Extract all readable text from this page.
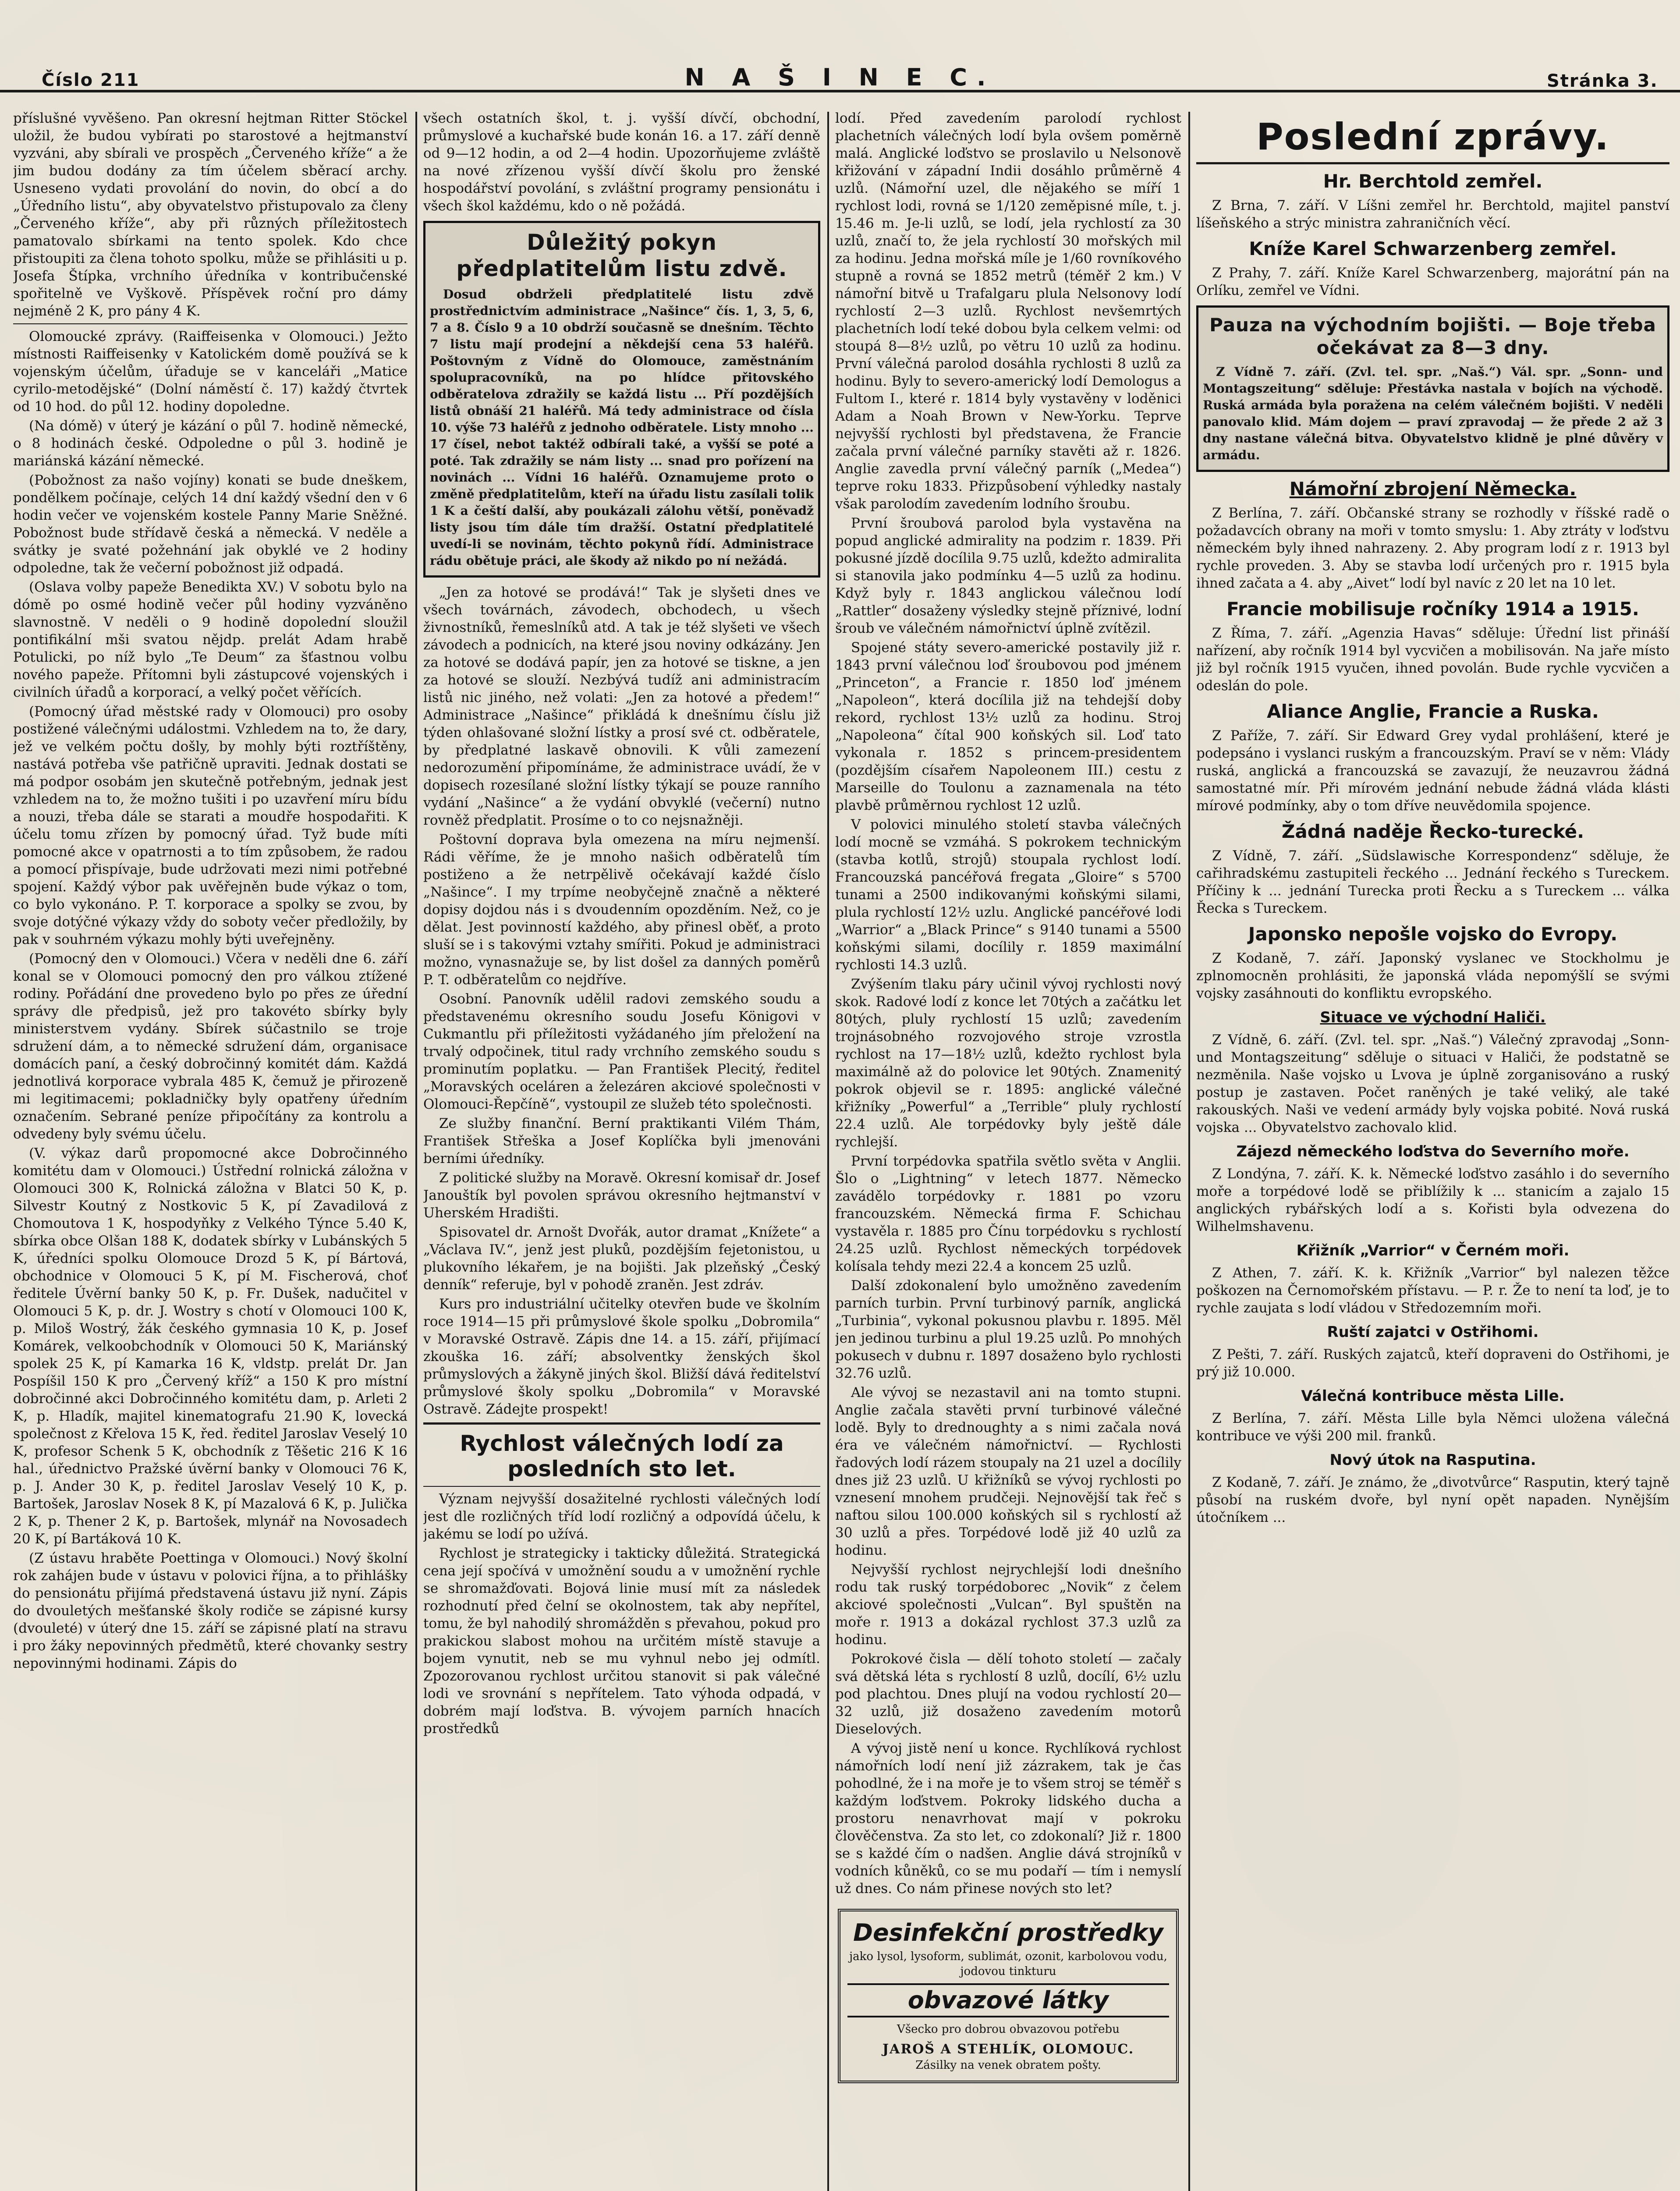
Číslo 211	N A Š I N E C.	Stránka 3.

příslušné vyvěšeno. Pan okresní hejtman Ritter Stöckel uložil, že budou vybírati po starostové a hejtmanství vyzváni, aby sbírali ve prospěch „Červeného kříže“ a že jim budou dodány za tím účelem sběrací archy. Usneseno vydati provolání do novin, do obcí a do „Úředního listu“, aby obyvatelstvo přistupovalo za členy „Červeného kříže“, aby při různých příležitostech pamatovalo sbírkami na tento spolek. Kdo chce přistoupiti za člena tohoto spolku, může se přihlásiti u p. Josefa Štípka, vrchního úředníka v kontribučenské spořitelně ve Vyškově. Příspěvek roční pro dámy nejméně 2 K, pro pány 4 K.

Olomoucké zprávy. (Raiffeisenka v Olomouci.) Ježto místnosti Raiffeisenky v Katolickém domě používá se k vojenským účelům, úřaduje se v kanceláři „Matice cyrilo-metodějské“ (Dolní náměstí č. 17) každý čtvrtek od 10 hod. do půl 12. hodiny dopoledne.

(Na dómě) v úterý je kázání o půl 7. hodině německé, o 8 hodinách české. Odpoledne o půl 3. hodině je mariánská kázání německé.

(Pobožnost za našo vojíny) konati se bude dneškem, pondělkem počínaje, celých 14 dní každý všední den v 6 hodin večer ve vojenském kostele Panny Marie Sněžné. Pobožnost bude střídavě česká a německá. V neděle a svátky je svaté požehnání jak obyklé ve 2 hodiny odpoledne, tak že večerní pobožnost již odpadá.

(Oslava volby papeže Benedikta XV.) V sobotu bylo na dómě po osmé hodině večer půl hodiny vyzváněno slavnostně. V neděli o 9 hodině dopolední sloužil pontifikální mši svatou nějdp. prelát Adam hrabě Potulicki, po níž bylo „Te Deum“ za šťastnou volbu nového papeže. Přítomni byli zástupcové vojenských i civilních úřadů a korporací, a velký počet věřících.

(Pomocný úřad městské rady v Olomouci) pro osoby postižené válečnými událostmi. Vzhledem na to, že dary, jež ve velkém počtu došly, by mohly býti roztříštěny, nastává potřeba vše patřičně upraviti. Jednak dostati se má podpor osobám jen skutečně potřebným, jednak jest vzhledem na to, že možno tušiti i po uzavření míru bídu a nouzi, třeba dále se starati a moudře hospodařiti. K účelu tomu zřízen by pomocný úřad. Tyž bude míti pomocné akce v opatrnosti a to tím způsobem, že radou a pomocí přispívaje, bude udržovati mezi nimi potřebné spojení. Každý výbor pak uvěřejněn bude výkaz o tom, co bylo vykonáno. P. T. korporace a spolky se zvou, by svoje dotýčné výkazy vždy do soboty večer předložily, by pak v souhrném výkazu mohly býti uveřejněny.

(Pomocný den v Olomouci.) Včera v neděli dne 6. září konal se v Olomouci pomocný den pro válkou ztížené rodiny. Pořádání dne provedeno bylo po přes ze úřední správy dle předpisů, jež pro takovéto sbírky byly ministerstvem vydány. Sbírek súčastnilo se troje sdružení dám, a to německé sdružení dám, organisace domácích paní, a český dobročinný komitét dám. Každá jednotlivá korporace vybrala 485 K, čemuž je přirozeně mi legitimacemi; pokladničky byly opatřeny úředním označením. Sebrané peníze připočítány za kontrolu a odvedeny byly svému účelu.

(V. výkaz darů propomocné akce Dobročinného komitétu dam v Olomouci.) Ústřední rolnická záložna v Olomouci 300 K, Rolnická záložna v Blatci 50 K, p. Silvestr Koutný z Nostkovic 5 K, pí Zavadilová z Chomoutova 1 K, hospodyňky z Velkého Týnce 5.40 K, sbírka obce Olšan 188 K, dodatek sbírky v Lubánských 5 K, úředníci spolku Olomouce Drozd 5 K, pí Bártová, obchodnice v Olomouci 5 K, pí M. Fischerová, choť ředitele Úvěrní banky 50 K, p. Fr. Dušek, nadučitel v Olomouci 5 K, p. dr. J. Wostry s chotí v Olomouci 100 K, p. Miloš Wostrý, žák českého gymnasia 10 K, p. Josef Komárek, velkoobchodník v Olomouci 50 K, Mariánský spolek 25 K, pí Kamarka 16 K, vldstp. prelát Dr. Jan Pospíšil 150 K pro „Červený kříž“ a 150 K pro místní dobročinné akci Dobročinného komitétu dam, p. Arleti 2 K, p. Hladík, majitel kinematografu 21.90 K, lovecká společnost z Křelova 15 K, řed. ředitel Jaroslav Veselý 10 K, profesor Schenk 5 K, obchodník z Těšetic 216 K 16 hal., úřednictvo Pražské úvěrní banky v Olomouci 76 K, p. J. Ander 30 K, p. ředitel Jaroslav Veselý 10 K, p. Bartošek, Jaroslav Nosek 8 K, pí Mazalová 6 K, p. Julička 2 K, p. Thener 2 K, p. Bartošek, mlynář na Novosadech 20 K, pí Bartáková 10 K.

(Z ústavu hraběte Poettinga v Olomouci.) Nový školní rok zahájen bude v ústavu v polovici října, a to přihlášky do pensionátu přijímá představená ústavu již nyní. Zápis do dvouletých mešťanské školy rodiče se zápisné kursy (dvouleté) v úterý dne 15. září se zápisné platí na stravu i pro žáky nepovinných předmětů, které chovanky sestry nepovinnými hodinami. Zápis do

všech ostatních škol, t. j. vyšší dívčí, obchodní, průmyslové a kuchařské bude konán 16. a 17. září denně od 9—12 hodin, a od 2—4 hodin. Upozorňujeme zvláště na nové zřízenou vyšší dívčí školu pro ženské hospodářství povolání, s zvláštní programy pensionátu i všech škol každému, kdo o ně požádá.

Důležitý pokyn předplatitelům listu zdvě.
Dosud obdrželi předplatitelé listu zdvě prostřednictvím administrace „Našince“ čís. 1, 3, 5, 6, 7 a 8. Číslo 9 a 10 obdrží současně se dnešním. Těchto 7 listu mají prodejní a někdejší cena 53 haléřů. Poštovným z Vídně do Olomouce, zaměstnáním spolupracovníků, na po hlídce přitovského odběratelova zdražily se každá listu ... Pří pozdějších listů obnáší 21 haléřů. Má tedy administrace od čísla 10. výše 73 haléřů z jednoho odběratele. Listy mnoho ... 17 čísel, nebot taktéž odbírali také, a vyšší se poté a poté. Tak zdražily se nám listy ... snad pro pořízení na novinách ... Vídni 16 haléřů. Oznamujeme proto o změně předplatitelům, kteří na úřadu listu zasílali tolik 1 K a čeští další, aby poukázali zálohu větší, poněvadž listy jsou tím dále tím dražší. Ostatní předplatitelé uvedí-li se novinám, těchto pokynů řídí. Administrace rádu obětuje práci, ale škody až nikdo po ní nežádá.

„Jen za hotové se prodává!“ Tak je slyšeti dnes ve všech továrnách, závodech, obchodech, u všech živnostníků, řemeslníků atd. A tak je též slyšeti ve všech závodech a podnicích, na které jsou noviny odkázány. Jen za hotové se dodává papír, jen za hotové se tiskne, a jen za hotové se slouží. Nezbývá tudíž ani administracím listů nic jiného, než volati: „Jen za hotové a předem!“ Administrace „Našince“ přikládá k dnešnímu číslu již týden ohlašované složní lístky a prosí své ct. odběratele, by předplatné laskavě obnovili. K vůli zamezení nedorozumění připomínáme, že administrace uvádí, že v dopisech rozesílané složní lístky týkají se pouze ranního vydání „Našince“ a že vydání obvyklé (večerní) nutno rovněž předplatit. Prosíme o to co nejsnažněji.

Poštovní doprava byla omezena na míru nejmenší. Rádi věříme, že je mnoho našich odběratelů tím postiženo a že netrpělivě očekávají každé číslo „Našince“. I my trpíme neobyčejně značně a některé dopisy dojdou nás i s dvoudenním opozděním. Než, co je dělat. Jest povinností každého, aby přinesl oběť, a proto sluší se i s takovými vztahy smířiti. Pokud je administraci možno, vynasnažuje se, by list došel za danných poměrů P. T. odběratelům co nejdříve.

Osobní. Panovník udělil radovi zemského soudu a představenému okresního soudu Josefu Königovi v Cukmantlu při příležitosti vyžádaného jím přeložení na trvalý odpočinek, titul rady vrchního zemského soudu s prominutím poplatku. — Pan František Plecitý, ředitel „Moravských oceláren a železáren akciové společnosti v Olomouci-Řepčíně“, vystoupil ze služeb této společnosti.

Ze služby finanční. Berní praktikanti Vilém Thám, František Střeška a Josef Koplíčka byli jmenováni berními úředníky.

Z politické služby na Moravě. Okresní komisař dr. Josef Janouštík byl povolen správou okresního hejtmanství v Uherském Hradišti.

Spisovatel dr. Arnošt Dvořák, autor dramat „Knížete“ a „Václava IV.“, jenž jest pluků, pozdějším fejetonistou, u plukovního lékařem, je na bojišti. Jak plzeňský „Český denník“ referuje, byl v pohodě zraněn. Jest zdráv.

Kurs pro industriální učitelky otevřen bude ve školním roce 1914—15 při průmyslové škole spolku „Dobromila“ v Moravské Ostravě. Zápis dne 14. a 15. září, přijímací zkouška 16. září; absolventky ženských škol průmyslových a žákyně jiných škol. Bližší dává ředitelství průmyslové školy spolku „Dobromila“ v Moravské Ostravě. Zádejte prospekt!

Rychlost válečných lodí za posledních sto let.

Význam nejvyšší dosažitelné rychlosti válečných lodí jest dle rozličných tříd lodí rozličný a odpovídá účelu, k jakému se lodí po užívá.

Rychlost je strategicky i takticky důležitá. Strategická cena její spočívá v umožnění soudu a v umožnění rychle se shromažďovati. Bojová linie musí mít za následek rozhodnutí před čelní se okolnostem, tak aby nepřítel, tomu, že byl nahodilý shromážděn s převahou, pokud pro prakickou slabost mohou na určitém místě stavuje a bojem vynutit, neb se mu vyhnul nebo jej odmítl. Zpozorovanou rychlost určitou stanovit si pak válečné lodi ve srovnání s nepřítelem. Tato výhoda odpadá, v dobrém mají loďstva. B. vývojem parních hnacích prostředků

lodí. Před zavedením parolodí rychlost plachetních válečných lodí byla ovšem poměrně malá. Anglické loďstvo se proslavilo u Nelsonově křižování v západní Indii dosáhlo průměrně 4 uzlů. (Námořní uzel, dle nějakého se míří 1 rychlost lodi, rovná se 1/120 zeměpisné míle, t. j. 15.46 m. Je-li uzlů, se lodí, jela rychlostí za 30 uzlů, značí to, že jela rychlostí 30 mořských mil za hodinu. Jedna mořská míle je 1/60 rovníkového stupně a rovná se 1852 metrů (téměř 2 km.) V námořní bitvě u Trafalgaru plula Nelsonovy lodí rychlostí 2—3 uzlů. Rychlost nevšemrtých plachetních lodí teké dobou byla celkem velmi: od stoupá 8—8½ uzlů, po větru 10 uzlů za hodinu. První válečná parolod dosáhla rychlosti 8 uzlů za hodinu. Byly to severo-americký lodí Demologus a Fultom I., které r. 1814 byly vystavěny v loděnici Adam a Noah Brown v New-Yorku. Teprve nejvyšší rychlosti byl představena, že Francie začala první válečné parníky stavěti až r. 1826. Anglie zavedla první válečný parník („Medea“) teprve roku 1833. Přizpůsobení výhledky nastaly však parolodím zavedením lodního šroubu.

První šroubová parolod byla vystavěna na popud anglické admirality na podzim r. 1839. Při pokusné jízdě docílila 9.75 uzlů, kdežto admiralita si stanovila jako podmínku 4—5 uzlů za hodinu. Když byly r. 1843 anglickou válečnou lodí „Rattler“ dosaženy výsledky stejně příznivé, lodní šroub ve válečném námořnictví úplně zvítězil.

Spojené státy severo-americké postavily již r. 1843 první válečnou loď šroubovou pod jménem „Princeton“, a Francie r. 1850 loď jménem „Napoleon“, která docílila již na tehdejší doby rekord, rychlost 13½ uzlů za hodinu. Stroj „Napoleona“ čítal 900 koňských sil. Loď tato vykonala r. 1852 s princem-presidentem (pozdějším císařem Napoleonem III.) cestu z Marseille do Toulonu a zaznamenala na této plavbě průměrnou rychlost 12 uzlů.

V polovici minulého století stavba válečných lodí mocně se vzmáhá. S pokrokem technickým (stavba kotlů, strojů) stoupala rychlost lodí. Francouzská pancéřová fregata „Gloire“ s 5700 tunami a 2500 indikovanými koňskými silami, plula rychlostí 12½ uzlu. Anglické pancéřové lodi „Warrior“ a „Black Prince“ s 9140 tunami a 5500 koňskými silami, docílily r. 1859 maximální rychlosti 14.3 uzlů.

Zvýšením tlaku páry učinil vývoj rychlosti nový skok. Radové lodí z konce let 70tých a začátku let 80tých, pluly rychlostí 15 uzlů; zavedením trojnásobného rozvojového stroje vzrostla rychlost na 17—18½ uzlů, kdežto rychlost byla maximálně až do polovice let 90tých. Znamenitý pokrok objevil se r. 1895: anglické válečné křižníky „Powerful“ a „Terrible“ pluly rychlostí 22.4 uzlů. Ale torpédovky byly ještě dále rychlejší.

První torpédovka spatřila světlo světa v Anglii. Šlo o „Lightning“ v letech 1877. Německo zavádělo torpédovky r. 1881 po vzoru francouzském. Německá firma F. Schichau vystavěla r. 1885 pro Čínu torpédovku s rychlostí 24.25 uzlů. Rychlost německých torpédovek kolísala tehdy mezi 22.4 a koncem 25 uzlů.

Další zdokonalení bylo umožněno zavedením parních turbin. První turbinový parník, anglická „Turbinia“, vykonal pokusnou plavbu r. 1895. Měl jen jedinou turbinu a plul 19.25 uzlů. Po mnohých pokusech v dubnu r. 1897 dosaženo bylo rychlosti 32.76 uzlů.

Ale vývoj se nezastavil ani na tomto stupni. Anglie začala stavěti první turbinové válečné lodě. Byly to drednoughty a s nimi začala nová éra ve válečném námořnictví. — Rychlosti řadových lodí rázem stoupaly na 21 uzel a docílily dnes již 23 uzlů. U křižníků se vývoj rychlosti po vznesení mnohem prudčeji. Nejnovější tak řeč s naftou silou 100.000 koňských sil s rychlostí až 30 uzlů a přes. Torpédové lodě již 40 uzlů za hodinu.

Nejvyšší rychlost nejrychlejší lodi dnešního rodu tak ruský torpédoborec „Novik“ z čelem akciové společnosti „Vulcan“. Byl spuštěn na moře r. 1913 a dokázal rychlost 37.3 uzlů za hodinu.

Pokrokové čisla — dělí tohoto století — začaly svá dětská léta s rychlostí 8 uzlů, docílí, 6½ uzlu pod plachtou. Dnes plují na vodou rychlostí 20—32 uzlů, již dosaženo zavedením motorů Dieselových.

A vývoj jistě není u konce. Rychlíková rychlost námořních lodí není již zázrakem, tak je čas pohodlné, že i na moře je to všem stroj se téměř s každým loďstvem. Pokroky lidského ducha a prostoru nenavrhovat mají v pokroku člověčenstva. Za sto let, co zdokonalí? Již r. 1800 se s každé čím o nadšen. Anglie dává strojníků v vodních kůněků, co se mu podaří — tím i nemyslí už dnes. Co nám přinese nových sto let?

Desinfekční prostředky
jako lysol, lysoform, sublimát, ozonit, karbolovou vodu, jodovou tinkturu
obvazové látky
Všecko pro dobrou obvazovou potřebu
JAROŠ A STEHLÍK, OLOMOUC.
Zásilky na venek obratem pošty.
Poslední zprávy.
Hr. Berchtold zemřel.

Z Brna, 7. září. V Líšni zemřel hr. Berchtold, majitel panství líšeňského a strýc ministra zahraničních věcí.

Kníže Karel Schwarzenberg zemřel.

Z Prahy, 7. září. Kníže Karel Schwarzenberg, majorátní pán na Orlíku, zemřel ve Vídni.

Pauza na východním bojišti. — Boje třeba očekávat za 8—3 dny.
Z Vídně 7. září. (Zvl. tel. spr. „Naš.“) Vál. spr. „Sonn- und Montagszeitung“ sděluje: Přestávka nastala v bojích na východě. Ruská armáda byla poražena na celém válečném bojišti. V neděli panovalo klid. Mám dojem — praví zpravodaj — že přede 2 až 3 dny nastane válečná bitva. Obyvatelstvo klidně je plné důvěry v armádu.
Námořní zbrojení Německa.

Z Berlína, 7. září. Občanské strany se rozhodly v říšské radě o požadavcích obrany na moři v tomto smyslu: 1. Aby ztráty v loďstvu německém byly ihned nahrazeny. 2. Aby program lodí z r. 1913 byl rychle proveden. 3. Aby se stavba lodí určených pro r. 1915 byla ihned začata a 4. aby „Aivet“ lodí byl navíc z 20 let na 10 let.

Francie mobilisuje ročníky 1914 a 1915.

Z Říma, 7. září. „Agenzia Havas“ sděluje: Úřední list přináší nařízení, aby ročník 1914 byl vycvičen a mobilisován. Na jaře místo již byl ročník 1915 vyučen, ihned povolán. Bude rychle vycvičen a odeslán do pole.

Aliance Anglie, Francie a Ruska.

Z Paříže, 7. září. Sir Edward Grey vydal prohlášení, které je podepsáno i vyslanci ruským a francouzským. Praví se v něm: Vlády ruská, anglická a francouzská se zavazují, že neuzavrou žádná samostatné mír. Při mírovém jednání nebude žádná vláda klásti mírové podmínky, aby o tom dříve neuvědomila spojence.

Žádná naděje Řecko-turecké.

Z Vídně, 7. září. „Südslawische Korrespondenz“ sděluje, že cařihradskému zastupiteli řeckého ... Jednání řeckého s Tureckem. Příčiny k ... jednání Turecka proti Řecku a s Tureckem ... válka Řecka s Tureckem.

Japonsko nepošle vojsko do Evropy.

Z Kodaně, 7. září. Japonský vyslanec ve Stockholmu je zplnomocněn prohlásiti, že japonská vláda nepomýšlí se svými vojsky zasáhnouti do konfliktu evropského.

Situace ve východní Haliči.

Z Vídně, 6. září. (Zvl. tel. spr. „Naš.“) Válečný zpravodaj „Sonn- und Montagszeitung“ sděluje o situaci v Haliči, že podstatně se nezměnila. Naše vojsko u Lvova je úplně zorganisováno a ruský postup je zastaven. Počet raněných je také veliký, ale také rakouských. Naši ve vedení armády byly vojska pobité. Nová ruská vojska ... Obyvatelstvo zachovalo klid.

Zájezd německého loďstva do Severního moře.

Z Londýna, 7. září. K. k. Německé loďstvo zasáhlo i do severního moře a torpédové lodě se přiblížily k ... stanicím a zajalo 15 anglických rybářských lodí a s. Kořisti byla odvezena do Wilhelmshavenu.

Křižník „Varrior“ v Černém moři.

Z Athen, 7. září. K. k. Křižník „Varrior“ byl nalezen těžce poškozen na Černomořském přístavu. — P. r. Že to není ta loď, je to rychle zaujata s lodí vládou v Středozemním moři.

Ruští zajatci v Ostřihomi.

Z Pešti, 7. září. Ruských zajatců, kteří dopraveni do Ostřihomi, je prý již 10.000.

Válečná kontribuce města Lille.

Z Berlína, 7. září. Města Lille byla Němci uložena válečná kontribuce ve výši 200 mil. franků.

Nový útok na Rasputina.

Z Kodaně, 7. září. Je známo, že „divotvůrce“ Rasputin, který tajně působí na ruském dvoře, byl nyní opět napaden. Nynějším útočníkem ...
